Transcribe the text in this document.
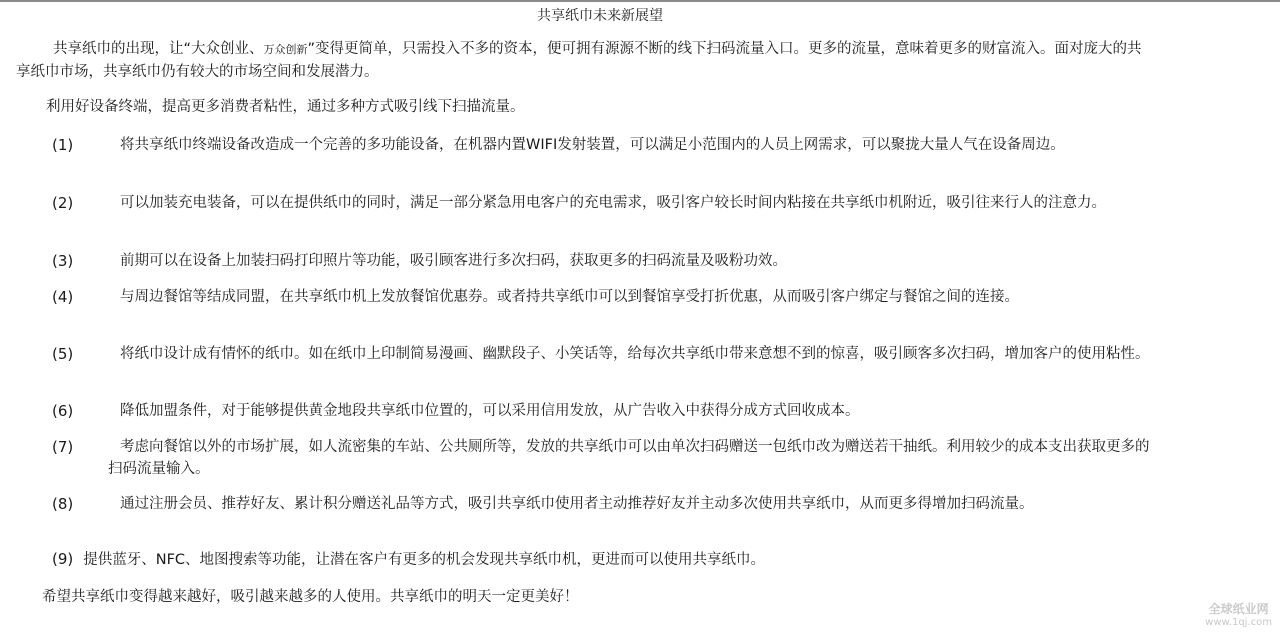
共享纸巾未来新展望

共享纸巾的出现，让“大众创业、万众创新”变得更简单，只需投入不多的资本，便可拥有源源不断的线下扫码流量入口。更多的流量，意味着更多的财富流入。面对庞大的共享纸巾市场，共享纸巾仍有较大的市场空间和发展潜力。

利用好设备终端，提高更多消费者粘性，通过多种方式吸引线下扫描流量。

(1)	将共享纸巾终端设备改造成一个完善的多功能设备，在机器内置WIFI发射装置，可以满足小范围内的人员上网需求，可以聚拢大量人气在设备周边。
(2)	可以加装充电装备，可以在提供纸巾的同时，满足一部分紧急用电客户的充电需求，吸引客户较长时间内粘接在共享纸巾机附近，吸引往来行人的注意力。
(3)	前期可以在设备上加装扫码打印照片等功能，吸引顾客进行多次扫码，获取更多的扫码流量及吸粉功效。
(4)	与周边餐馆等结成同盟，在共享纸巾机上发放餐馆优惠券。或者持共享纸巾可以到餐馆享受打折优惠，从而吸引客户绑定与餐馆之间的连接。
(5)	将纸巾设计成有情怀的纸巾。如在纸巾上印制简易漫画、幽默段子、小笑话等，给每次共享纸巾带来意想不到的惊喜，吸引顾客多次扫码，增加客户的使用粘性。
(6)	降低加盟条件，对于能够提供黄金地段共享纸巾位置的，可以采用信用发放，从广告收入中获得分成方式回收成本。
(7)	考虑向餐馆以外的市场扩展，如人流密集的车站、公共厕所等，发放的共享纸巾可以由单次扫码赠送一包纸巾改为赠送若干抽纸。利用较少的成本支出获取更多的扫码流量输入。
(8)	通过注册会员、推荐好友、累计积分赠送礼品等方式，吸引共享纸巾使用者主动推荐好友并主动多次使用共享纸巾，从而更多得增加扫码流量。
(9) 提供蓝牙、NFC、地图搜索等功能，让潜在客户有更多的机会发现共享纸巾机，更进而可以使用共享纸巾。

希望共享纸巾变得越来越好，吸引越来越多的人使用。共享纸巾的明天一定更美好！

全球纸业网
www.1qj.com
